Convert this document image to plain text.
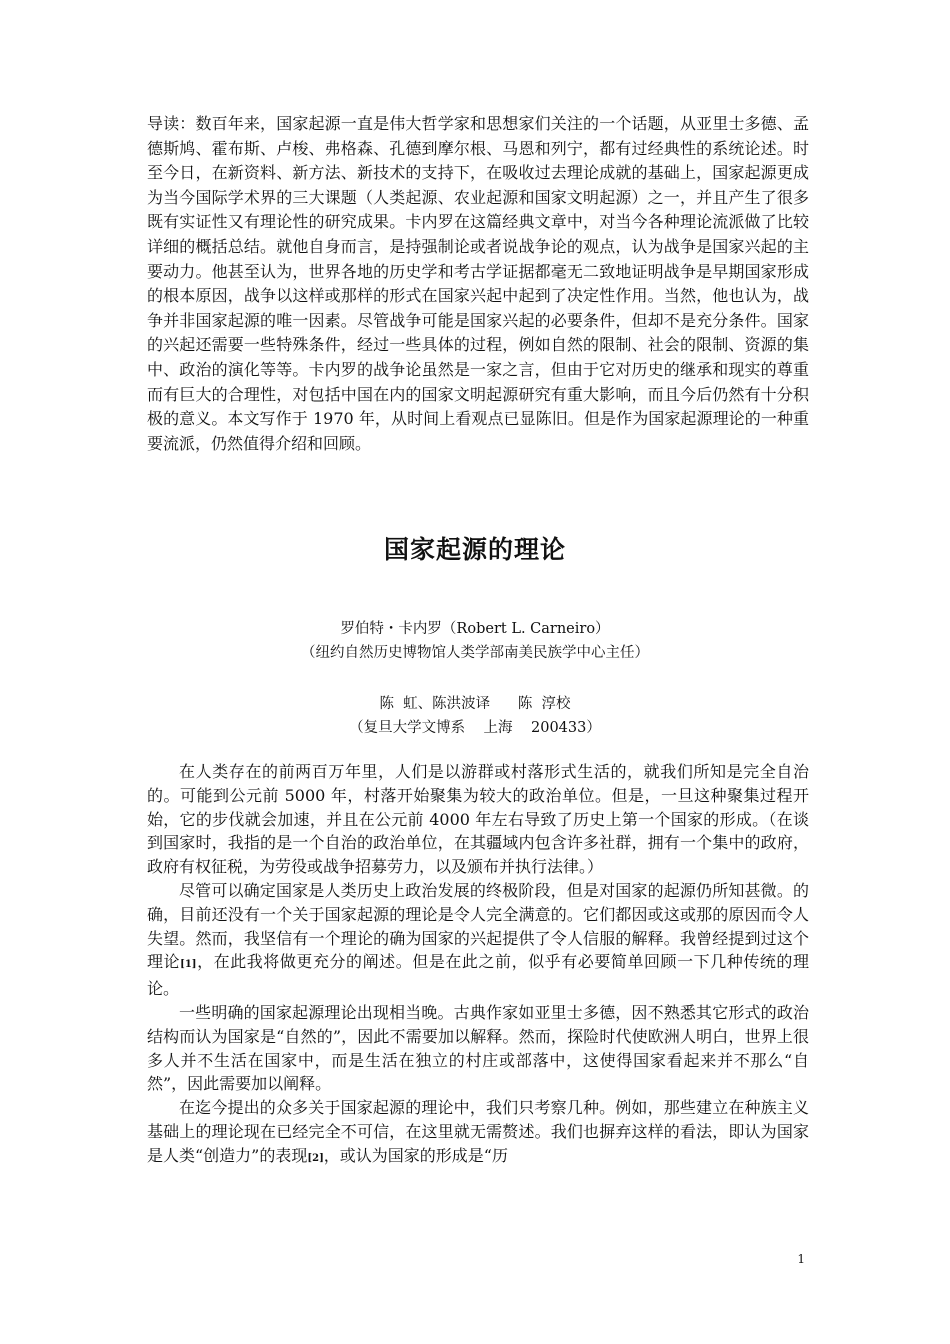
导读：数百年来，国家起源一直是伟大哲学家和思想家们关注的一个话题，从亚里士多德、孟德斯鸠、霍布斯、卢梭、弗格森、孔德到摩尔根、马恩和列宁，都有过经典性的系统论述。时至今日，在新资料、新方法、新技术的支持下，在吸收过去理论成就的基础上，国家起源更成为当今国际学术界的三大课题（人类起源、农业起源和国家文明起源）之一，并且产生了很多既有实证性又有理论性的研究成果。卡内罗在这篇经典文章中，对当今各种理论流派做了比较详细的概括总结。就他自身而言，是持强制论或者说战争论的观点，认为战争是国家兴起的主要动力。他甚至认为，世界各地的历史学和考古学证据都毫无二致地证明战争是早期国家形成的根本原因，战争以这样或那样的形式在国家兴起中起到了决定性作用。当然，他也认为，战争并非国家起源的唯一因素。尽管战争可能是国家兴起的必要条件，但却不是充分条件。国家的兴起还需要一些特殊条件，经过一些具体的过程，例如自然的限制、社会的限制、资源的集中、政治的演化等等。卡内罗的战争论虽然是一家之言，但由于它对历史的继承和现实的尊重而有巨大的合理性，对包括中国在内的国家文明起源研究有重大影响，而且今后仍然有十分积极的意义。本文写作于 1970 年，从时间上看观点已显陈旧。但是作为国家起源理论的一种重要流派，仍然值得介绍和回顾。

国家起源的理论

罗伯特・卡内罗（Robert L. Carneiro）

（纽约自然历史博物馆人类学部南美民族学中心主任）

陈  虹、陈洪波译      陈  淳校

（复旦大学文博系    上海    200433）

在人类存在的前两百万年里，人们是以游群或村落形式生活的，就我们所知是完全自治的。可能到公元前 5000 年，村落开始聚集为较大的政治单位。但是，一旦这种聚集过程开始，它的步伐就会加速，并且在公元前 4000 年左右导致了历史上第一个国家的形成。（在谈到国家时，我指的是一个自治的政治单位，在其疆域内包含许多社群，拥有一个集中的政府，政府有权征税，为劳役或战争招募劳力，以及颁布并执行法律。）

尽管可以确定国家是人类历史上政治发展的终极阶段，但是对国家的起源仍所知甚微。的确，目前还没有一个关于国家起源的理论是令人完全满意的。它们都因或这或那的原因而令人失望。然而，我坚信有一个理论的确为国家的兴起提供了令人信服的解释。我曾经提到过这个理论[1]，在此我将做更充分的阐述。但是在此之前，似乎有必要简单回顾一下几种传统的理论。

一些明确的国家起源理论出现相当晚。古典作家如亚里士多德，因不熟悉其它形式的政治结构而认为国家是“自然的”，因此不需要加以解释。然而，探险时代使欧洲人明白，世界上很多人并不生活在国家中，而是生活在独立的村庄或部落中，这使得国家看起来并不那么“自然”，因此需要加以阐释。

在迄今提出的众多关于国家起源的理论中，我们只考察几种。例如，那些建立在种族主义基础上的理论现在已经完全不可信，在这里就无需赘述。我们也摒弃这样的看法，即认为国家是人类“创造力”的表现[2]，或认为国家的形成是“历

1
